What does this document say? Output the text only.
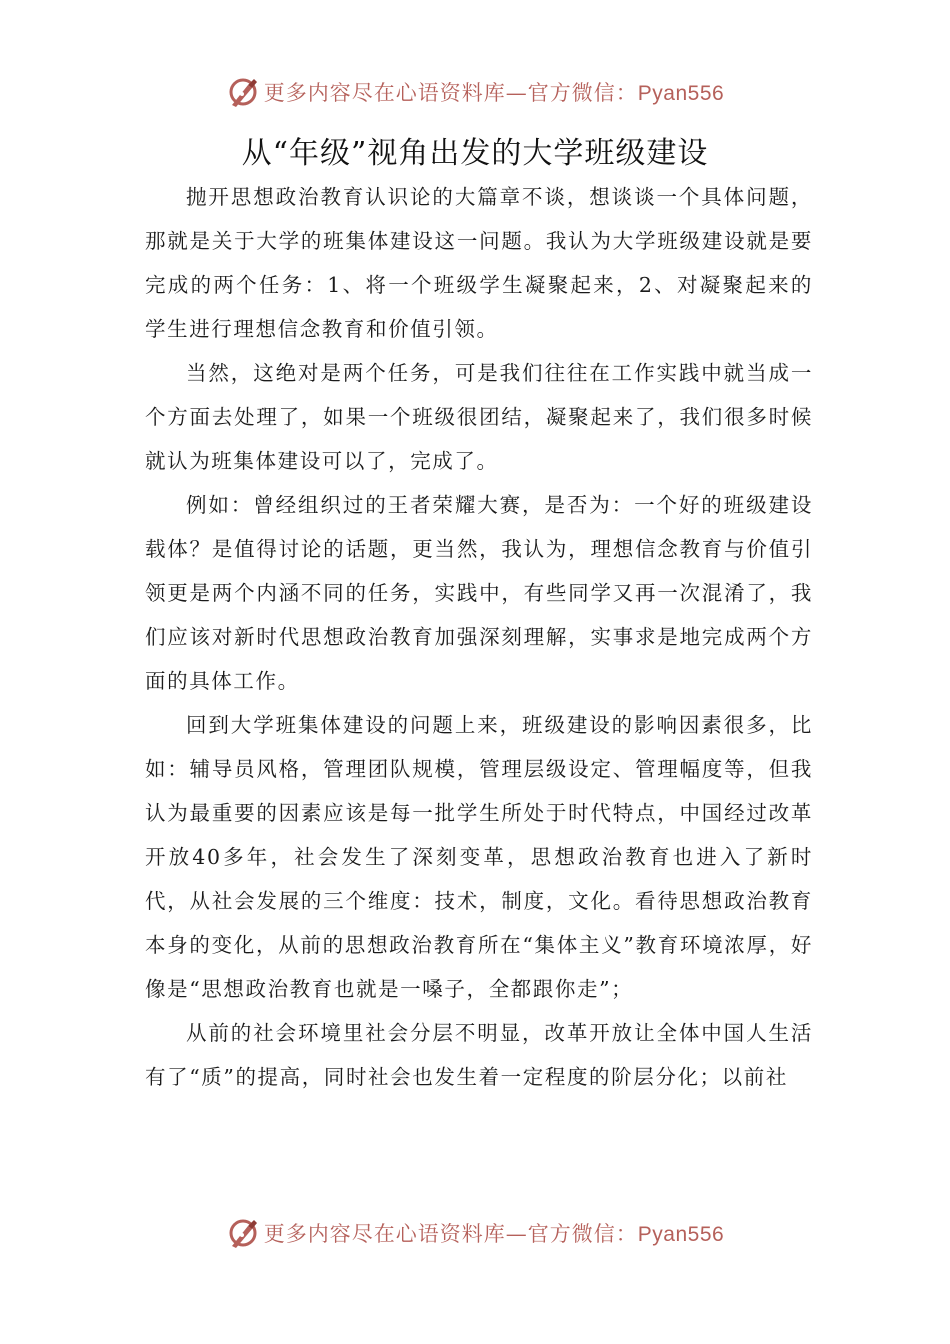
更多内容尽在心语资料库—官方微信：Pyan556
从“年级”视角出发的大学班级建设

抛开思想政治教育认识论的大篇章不谈，想谈谈一个具体问题，那就是关于大学的班集体建设这一问题。我认为大学班级建设就是要完成的两个任务：1、将一个班级学生凝聚起来，2、对凝聚起来的学生进行理想信念教育和价值引领。

当然，这绝对是两个任务，可是我们往往在工作实践中就当成一个方面去处理了，如果一个班级很团结，凝聚起来了，我们很多时候就认为班集体建设可以了，完成了。

例如：曾经组织过的王者荣耀大赛，是否为：一个好的班级建设载体？是值得讨论的话题，更当然，我认为，理想信念教育与价值引领更是两个内涵不同的任务，实践中，有些同学又再一次混淆了，我们应该对新时代思想政治教育加强深刻理解，实事求是地完成两个方面的具体工作。

回到大学班集体建设的问题上来，班级建设的影响因素很多，比如：辅导员风格，管理团队规模，管理层级设定、管理幅度等，但我认为最重要的因素应该是每一批学生所处于时代特点，中国经过改革开放40多年，社会发生了深刻变革，思想政治教育也进入了新时代，从社会发展的三个维度：技术，制度，文化。看待思想政治教育本身的变化，从前的思想政治教育所在“集体主义”教育环境浓厚，好像是“思想政治教育也就是一嗓子，全都跟你走”；

从前的社会环境里社会分层不明显，改革开放让全体中国人生活有了“质”的提高，同时社会也发生着一定程度的阶层分化；以前社

更多内容尽在心语资料库—官方微信：Pyan556
